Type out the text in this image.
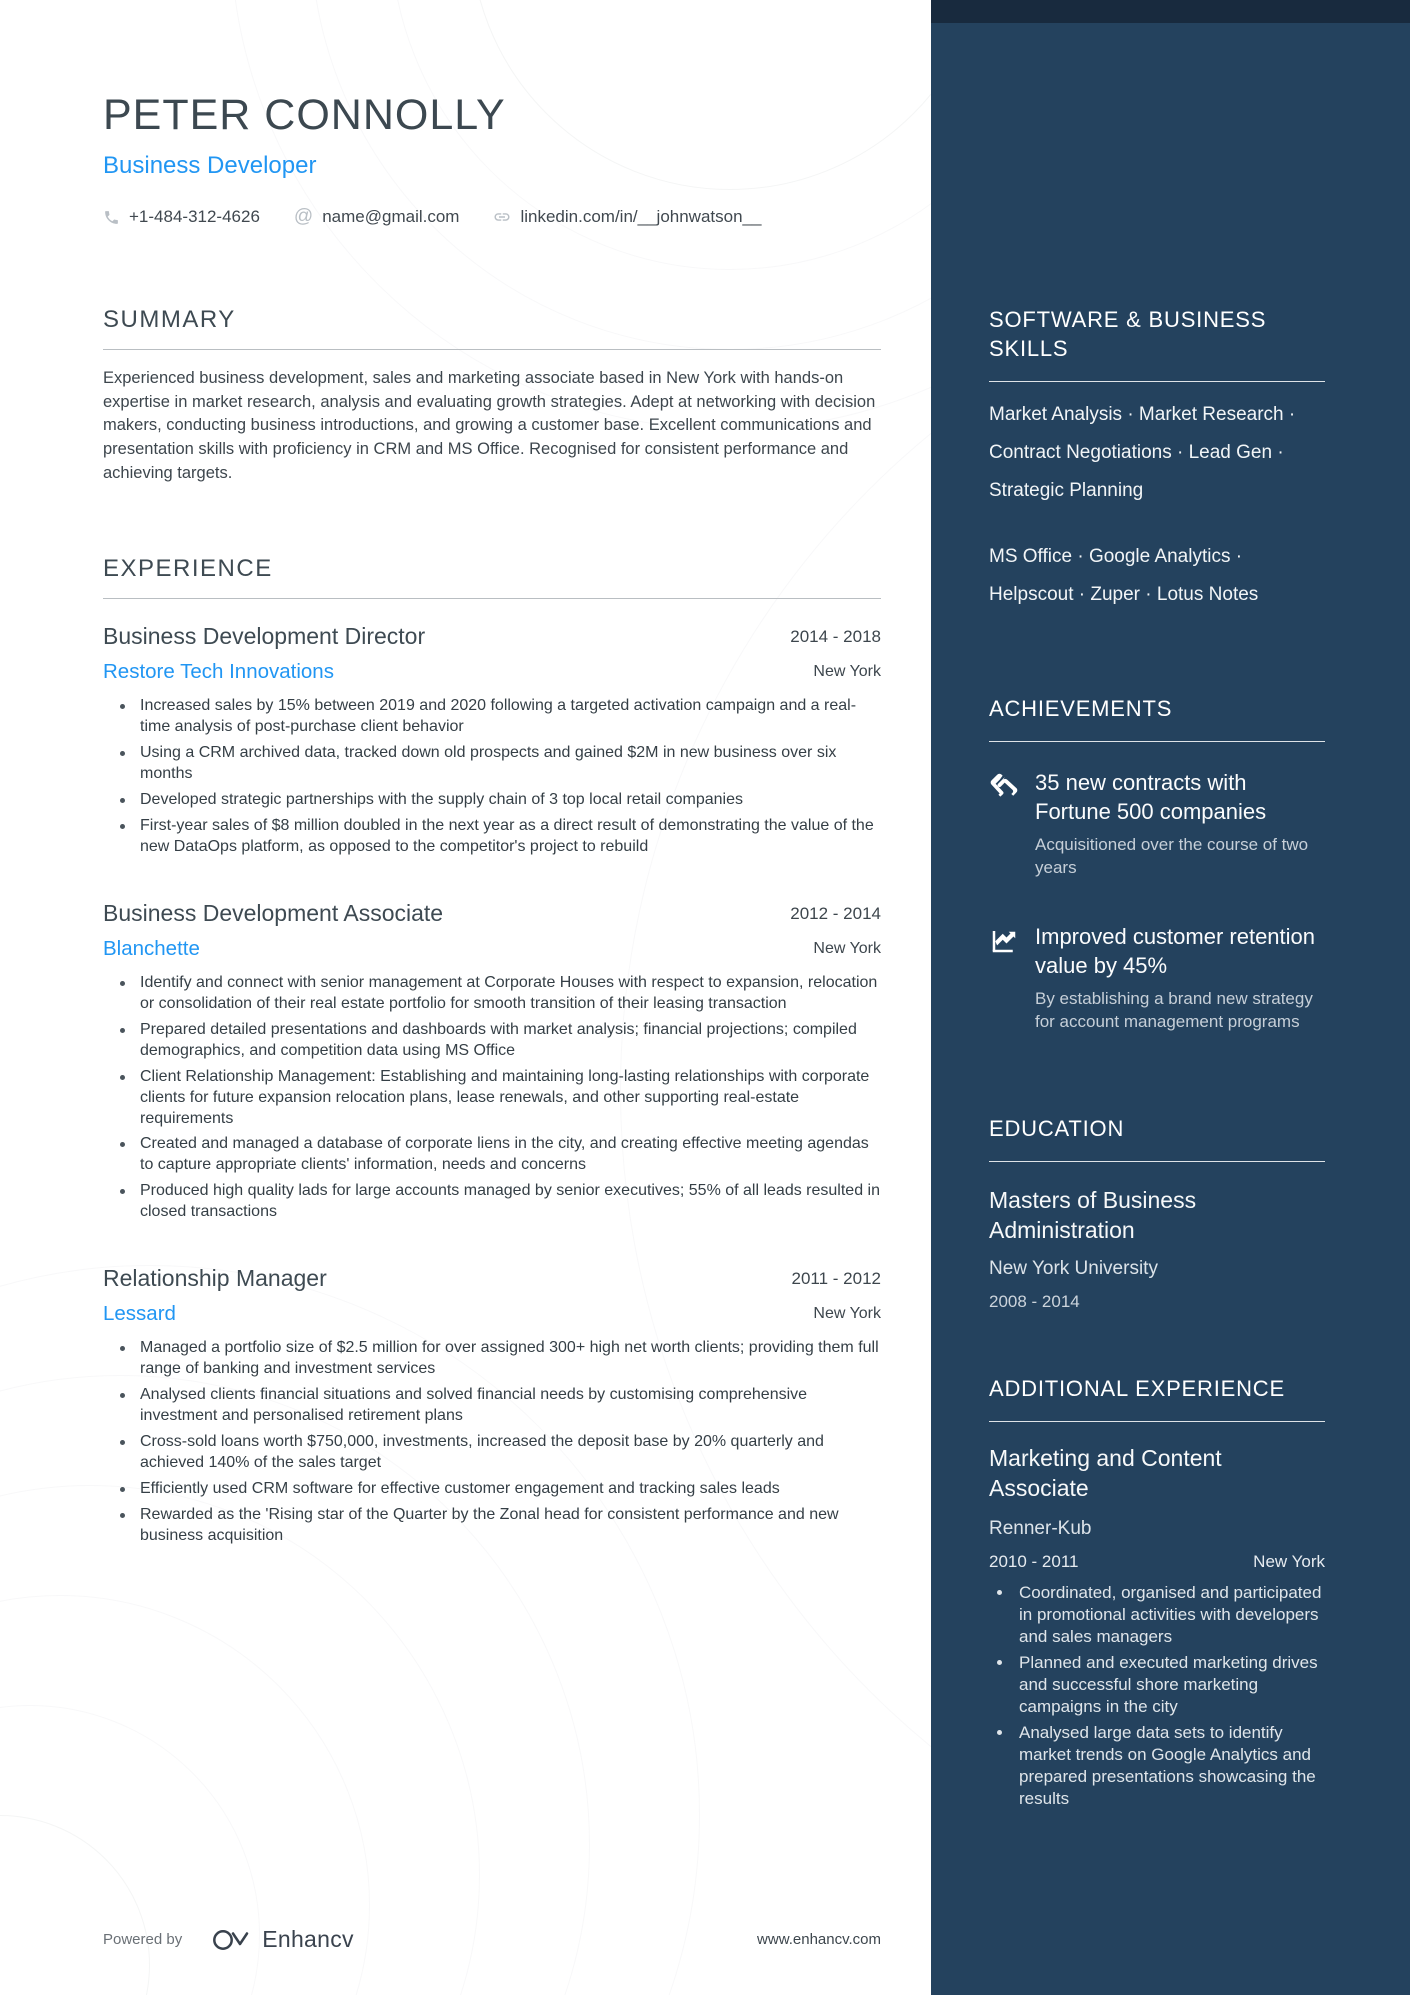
PETER CONNOLLY
Business Developer
+1-484-312-4626 @ name@gmail.com	linkedin.com/in/__johnwatson__
SUMMARY

Experienced business development, sales and marketing associate based in New York with hands-on expertise in market research, analysis and evaluating growth strategies. Adept at networking with decision makers, conducting business introductions, and growing a customer base. Excellent communications and presentation skills with proficiency in CRM and MS Office. Recognised for consistent performance and achieving targets.

EXPERIENCE
Business Development Director	2014 - 2018
Restore Tech Innovations	New York
Increased sales by 15% between 2019 and 2020 following a targeted activation campaign and a real-time analysis of post-purchase client behavior
Using a CRM archived data, tracked down old prospects and gained $2M in new business over six months
Developed strategic partnerships with the supply chain of 3 top local retail companies
First-year sales of $8 million doubled in the next year as a direct result of demonstrating the value of the new DataOps platform, as opposed to the competitor's project to rebuild
Business Development Associate	2012 - 2014
Blanchette	New York
Identify and connect with senior management at Corporate Houses with respect to expansion, relocation or consolidation of their real estate portfolio for smooth transition of their leasing transaction
Prepared detailed presentations and dashboards with market analysis; financial projections; compiled demographics, and competition data using MS Office
Client Relationship Management: Establishing and maintaining long-lasting relationships with corporate clients for future expansion relocation plans, lease renewals, and other supporting real-estate requirements
Created and managed a database of corporate liens in the city, and creating effective meeting agendas to capture appropriate clients' information, needs and concerns
Produced high quality lads for large accounts managed by senior executives; 55% of all leads resulted in closed transactions
Relationship Manager	2011 - 2012
Lessard	New York
Managed a portfolio size of $2.5 million for over assigned 300+ high net worth clients; providing them full range of banking and investment services
Analysed clients financial situations and solved financial needs by customising comprehensive investment and personalised retirement plans
Cross-sold loans worth $750,000, investments, increased the deposit base by 20% quarterly and achieved 140% of the sales target
Efficiently used CRM software for effective customer engagement and tracking sales leads
Rewarded as the 'Rising star of the Quarter by the Zonal head for consistent performance and new business acquisition
Powered by	Enhancv	www.enhancv.com
SOFTWARE & BUSINESS SKILLS
Market Analysis · Market Research · Contract Negotiations · Lead Gen · Strategic Planning
MS Office · Google Analytics · Helpscout · Zuper · Lotus Notes
ACHIEVEMENTS
35 new contracts with Fortune 500 companies
Acquisitioned over the course of two years
Improved customer retention value by 45%
By establishing a brand new strategy for account management programs
EDUCATION
Masters of Business Administration
New York University
2008 - 2014
ADDITIONAL EXPERIENCE
Marketing and Content Associate
Renner-Kub
2010 - 2011	New York
Coordinated, organised and participated in promotional activities with developers and sales managers
Planned and executed marketing drives and successful shore marketing campaigns in the city
Analysed large data sets to identify market trends on Google Analytics and prepared presentations showcasing the results
